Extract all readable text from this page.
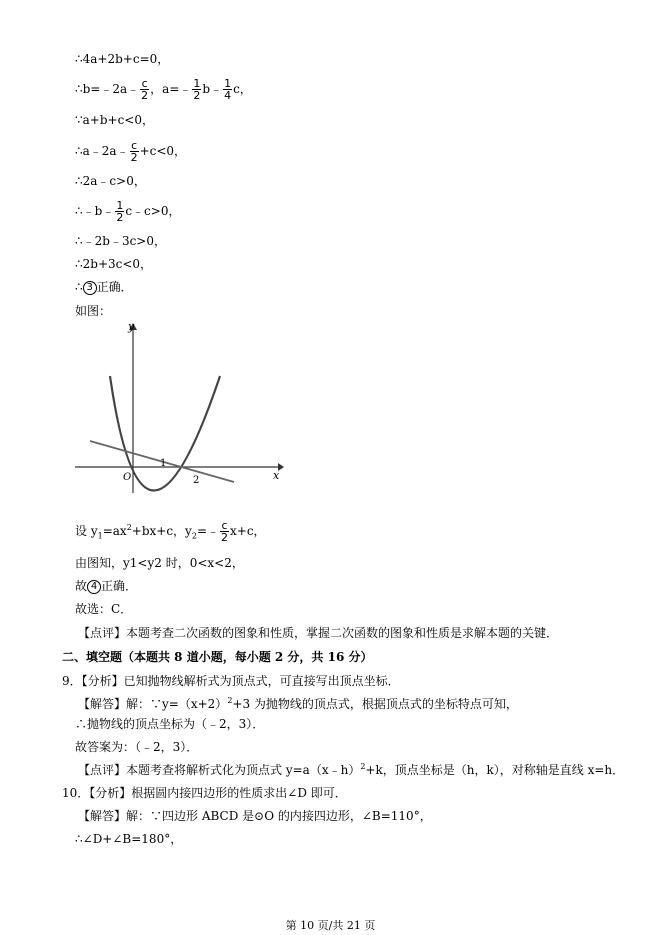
∴4a+2b+c=0，
∴b=﹣2a﹣ $\frac{c}{2}$ ，a=﹣ $\frac{1}{2}$ b﹣ $\frac{1}{4}$ c，
∵a+b+c<0，
∴a﹣2a﹣ $\frac{c}{2} +c<0$，
∴2a﹣c>0，
∴﹣b﹣ $\frac{1}{2}$ c﹣c>0，
∴﹣2b﹣3c>0，
∴2b+3c<0，
∴ 3 正确．
如图：
y
x
O
1
2
设 $y_1=ax^2+bx+c$，$y_2=﹣ \frac{c}{2} x+c$，
由图知，y1<y2 时，0<x<2，
故 4 正确．
故选：C．
【点评】本题考查二次函数的图象和性质，掌握二次函数的图象和性质是求解本题的关键．
二、填空题（本题共 8 道小题，每小题 2 分，共 16 分）
9．【分析】已知抛物线解析式为顶点式，可直接写出顶点坐标．
【解答】解：$\because y=(x+2)^2+3$ 为抛物线的顶点式，根据顶点式的坐标特点可知，
∴抛物线的顶点坐标为（﹣2，3）．
故答案为：（﹣2，3）．
【点评】本题考查将解析式化为顶点式 y=a（x﹣h）$^2$+k，顶点坐标是（h，k），对称轴是直线 x=h．
10．【分析】根据圆内接四边形的性质求出∠D 即可．
【解答】解：∵四边形 ABCD 是⊙O 的内接四边形，∠B=110°，
∴∠D+∠B=180°，
第 10 页/共 21 页
